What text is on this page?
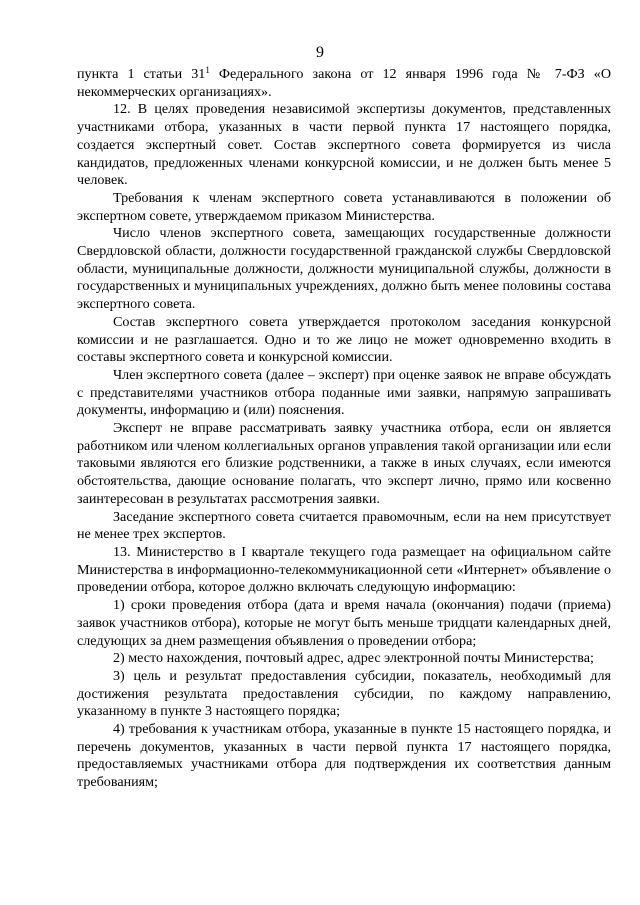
9

пункта 1 статьи $31^1$ Федерального закона от 12 января 1996 года № 7-ФЗ «О некоммерческих организациях».

12. В целях проведения независимой экспертизы документов, представленных участниками отбора, указанных в части первой пункта 17 настоящего порядка, создается экспертный совет. Состав экспертного совета формируется из числа кандидатов, предложенных членами конкурсной комиссии, и не должен быть менее 5 человек.

Требования к членам экспертного совета устанавливаются в положении об экспертном совете, утверждаемом приказом Министерства.

Число членов экспертного совета, замещающих государственные должности Свердловской области, должности государственной гражданской службы Свердловской области, муниципальные должности, должности муниципальной службы, должности в государственных и муниципальных учреждениях, должно быть менее половины состава экспертного совета.

Состав экспертного совета утверждается протоколом заседания конкурсной комиссии и не разглашается. Одно и то же лицо не может одновременно входить в составы экспертного совета и конкурсной комиссии.

Член экспертного совета (далее – эксперт) при оценке заявок не вправе обсуждать с представителями участников отбора поданные ими заявки, напрямую запрашивать документы, информацию и (или) пояснения.

Эксперт не вправе рассматривать заявку участника отбора, если он является работником или членом коллегиальных органов управления такой организации или если таковыми являются его близкие родственники, а также в иных случаях, если имеются обстоятельства, дающие основание полагать, что эксперт лично, прямо или косвенно заинтересован в результатах рассмотрения заявки.

Заседание экспертного совета считается правомочным, если на нем присутствует не менее трех экспертов.

13. Министерство в I квартале текущего года размещает на официальном сайте Министерства в информационно-телекоммуникационной сети «Интернет» объявление о проведении отбора, которое должно включать следующую информацию:

1) сроки проведения отбора (дата и время начала (окончания) подачи (приема) заявок участников отбора), которые не могут быть меньше тридцати календарных дней, следующих за днем размещения объявления о проведении отбора;

2) место нахождения, почтовый адрес, адрес электронной почты Министерства;

3) цель и результат предоставления субсидии, показатель, необходимый для достижения результата предоставления субсидии, по каждому направлению, указанному в пункте 3 настоящего порядка;

4) требования к участникам отбора, указанные в пункте 15 настоящего порядка, и перечень документов, указанных в части первой пункта 17 настоящего порядка, предоставляемых участниками отбора для подтверждения их соответствия данным требованиям;
